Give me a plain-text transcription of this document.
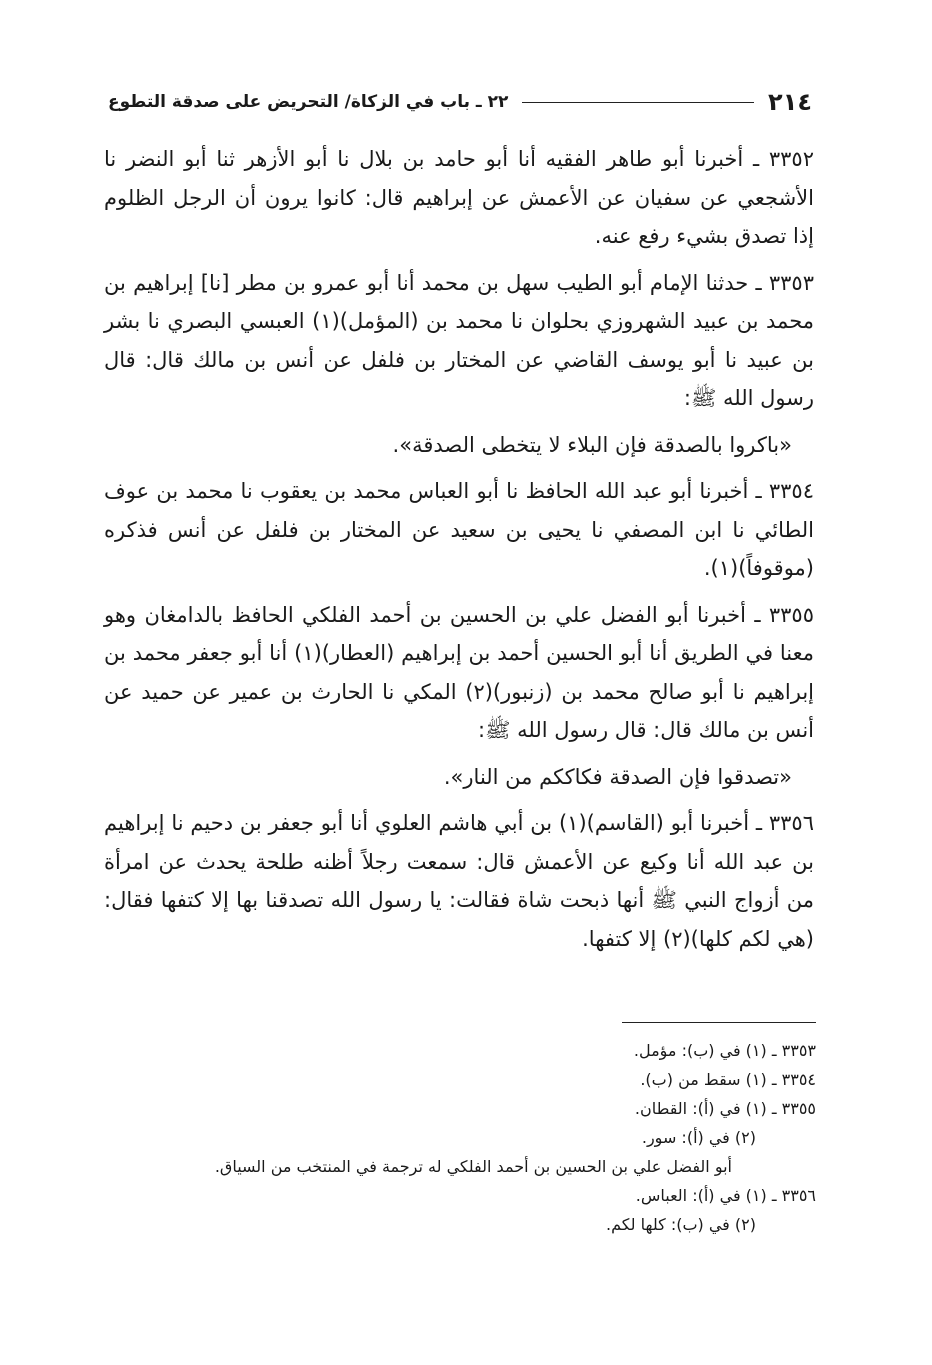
٢١٤
٢٢ ـ باب في الزكاة/ التحريض على صدقة التطوع

٣٣٥٢ ـ أخبرنا أبو طاهر الفقيه أنا أبو حامد بن بلال نا أبو الأزهر ثنا أبو النضر نا الأشجعي عن سفيان عن الأعمش عن إبراهيم قال: كانوا يرون أن الرجل الظلوم إذا تصدق بشيء رفع عنه.

٣٣٥٣ ـ حدثنا الإمام أبو الطيب سهل بن محمد أنا أبو عمرو بن مطر [نا] إبراهيم بن محمد بن عبيد الشهروزي بحلوان نا محمد بن (المؤمل)(١) العبسي البصري نا بشر بن عبيد نا أبو يوسف القاضي عن المختار بن فلفل عن أنس بن مالك قال: قال رسول الله ﷺ:

«باكروا بالصدقة فإن البلاء لا يتخطى الصدقة».

٣٣٥٤ ـ أخبرنا أبو عبد الله الحافظ نا أبو العباس محمد بن يعقوب نا محمد بن عوف الطائي نا ابن المصفي نا يحيى بن سعيد عن المختار بن فلفل عن أنس فذكره (موقوفاً)(١).

٣٣٥٥ ـ أخبرنا أبو الفضل علي بن الحسين بن أحمد الفلكي الحافظ بالدامغان وهو معنا في الطريق أنا أبو الحسين أحمد بن إبراهيم (العطار)(١) أنا أبو جعفر محمد بن إبراهيم نا أبو صالح محمد بن (زنبور)(٢) المكي نا الحارث بن عمير عن حميد عن أنس بن مالك قال: قال رسول الله ﷺ:

«تصدقوا فإن الصدقة فكاككم من النار».

٣٣٥٦ ـ أخبرنا أبو (القاسم)(١) بن أبي هاشم العلوي أنا أبو جعفر بن دحيم نا إبراهيم بن عبد الله أنا وكيع عن الأعمش قال: سمعت رجلاً أظنه طلحة يحدث عن امرأة من أزواج النبي ﷺ أنها ذبحت شاة فقالت: يا رسول الله تصدقنا بها إلا كتفها فقال: (هي لكم كلها)(٢) إلا كتفها.

٣٣٥٣ ـ (١) في (ب): مؤمل.
٣٣٥٤ ـ (١) سقط من (ب).
٣٣٥٥ ـ (١) في (أ): القطان.
(٢) في (أ): سور.
أبو الفضل علي بن الحسين بن أحمد الفلكي له ترجمة في المنتخب من السياق.
٣٣٥٦ ـ (١) في (أ): العباس.
(٢) في (ب): كلها لكم.
